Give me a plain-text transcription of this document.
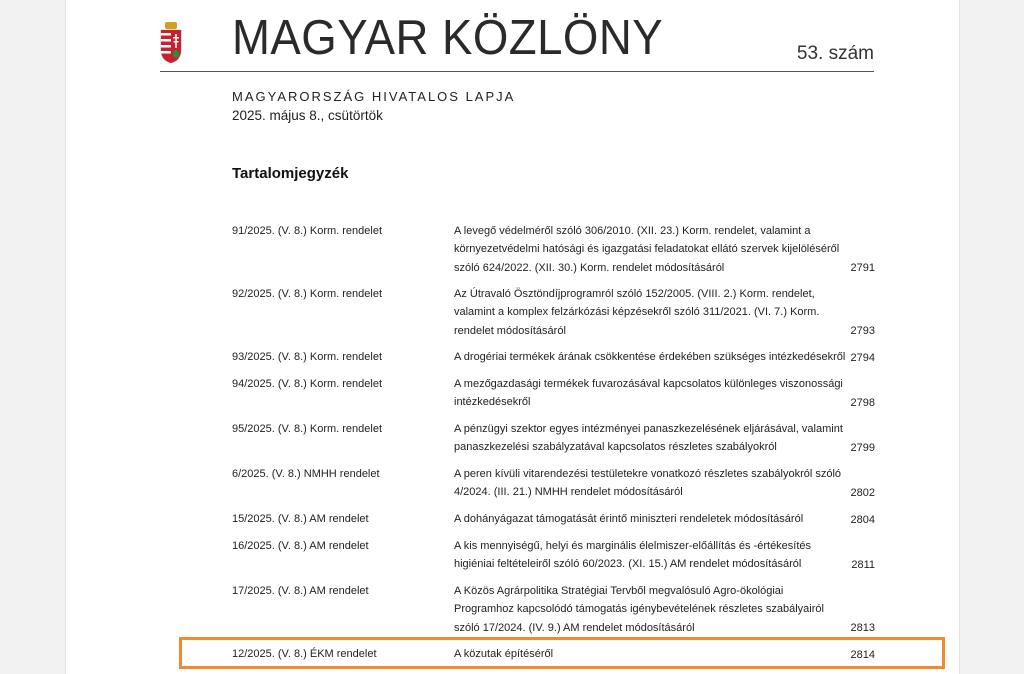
MAGYAR KÖZLÖNY	53. szám
MAGYARORSZÁG HIVATALOS LAPJA
2025. május 8., csütörtök
Tartalomjegyzék
91/2025. (V. 8.) Korm. rendelet	A levegő védelméről szóló 306/2010. (XII. 23.) Korm. rendelet, valamint a környezetvédelmi hatósági és igazgatási feladatokat ellátó szervek kijelöléséről szóló 624/2022. (XII. 30.) Korm. rendelet módosításáról	2791
92/2025. (V. 8.) Korm. rendelet	Az Útravaló Ösztöndíjprogramról szóló 152/2005. (VIII. 2.) Korm. rendelet, valamint a komplex felzárkózási képzésekről szóló 311/2021. (VI. 7.) Korm. rendelet módosításáról	2793
93/2025. (V. 8.) Korm. rendelet	A drogériai termékek árának csökkentése érdekében szükséges intézkedésekről 2794
94/2025. (V. 8.) Korm. rendelet	A mezőgazdasági termékek fuvarozásával kapcsolatos különleges viszonossági intézkedésekről	2798
95/2025. (V. 8.) Korm. rendelet	A pénzügyi szektor egyes intézményei panaszkezelésének eljárásával, valamint panaszkezelési szabályzatával kapcsolatos részletes szabályokról	2799
6/2025. (V. 8.) NMHH rendelet	A peren kívüli vitarendezési testületekre vonatkozó részletes szabályokról szóló 4/2024. (III. 21.) NMHH rendelet módosításáról	2802
15/2025. (V. 8.) AM rendelet	A dohányágazat támogatását érintő miniszteri rendeletek módosításáról	2804
16/2025. (V. 8.) AM rendelet	A kis mennyiségű, helyi és marginális élelmiszer-előállítás és -értékesítés higiéniai feltételeiről szóló 60/2023. (XI. 15.) AM rendelet módosításáról	2811
17/2025. (V. 8.) AM rendelet	A Közös Agrárpolitika Stratégiai Tervből megvalósuló Agro-ökológiai Programhoz kapcsolódó támogatás igénybevételének részletes szabályairól szóló 17/2024. (IV. 9.) AM rendelet módosításáról	2813
12/2025. (V. 8.) ÉKM rendelet	A közutak építéséről	2814
